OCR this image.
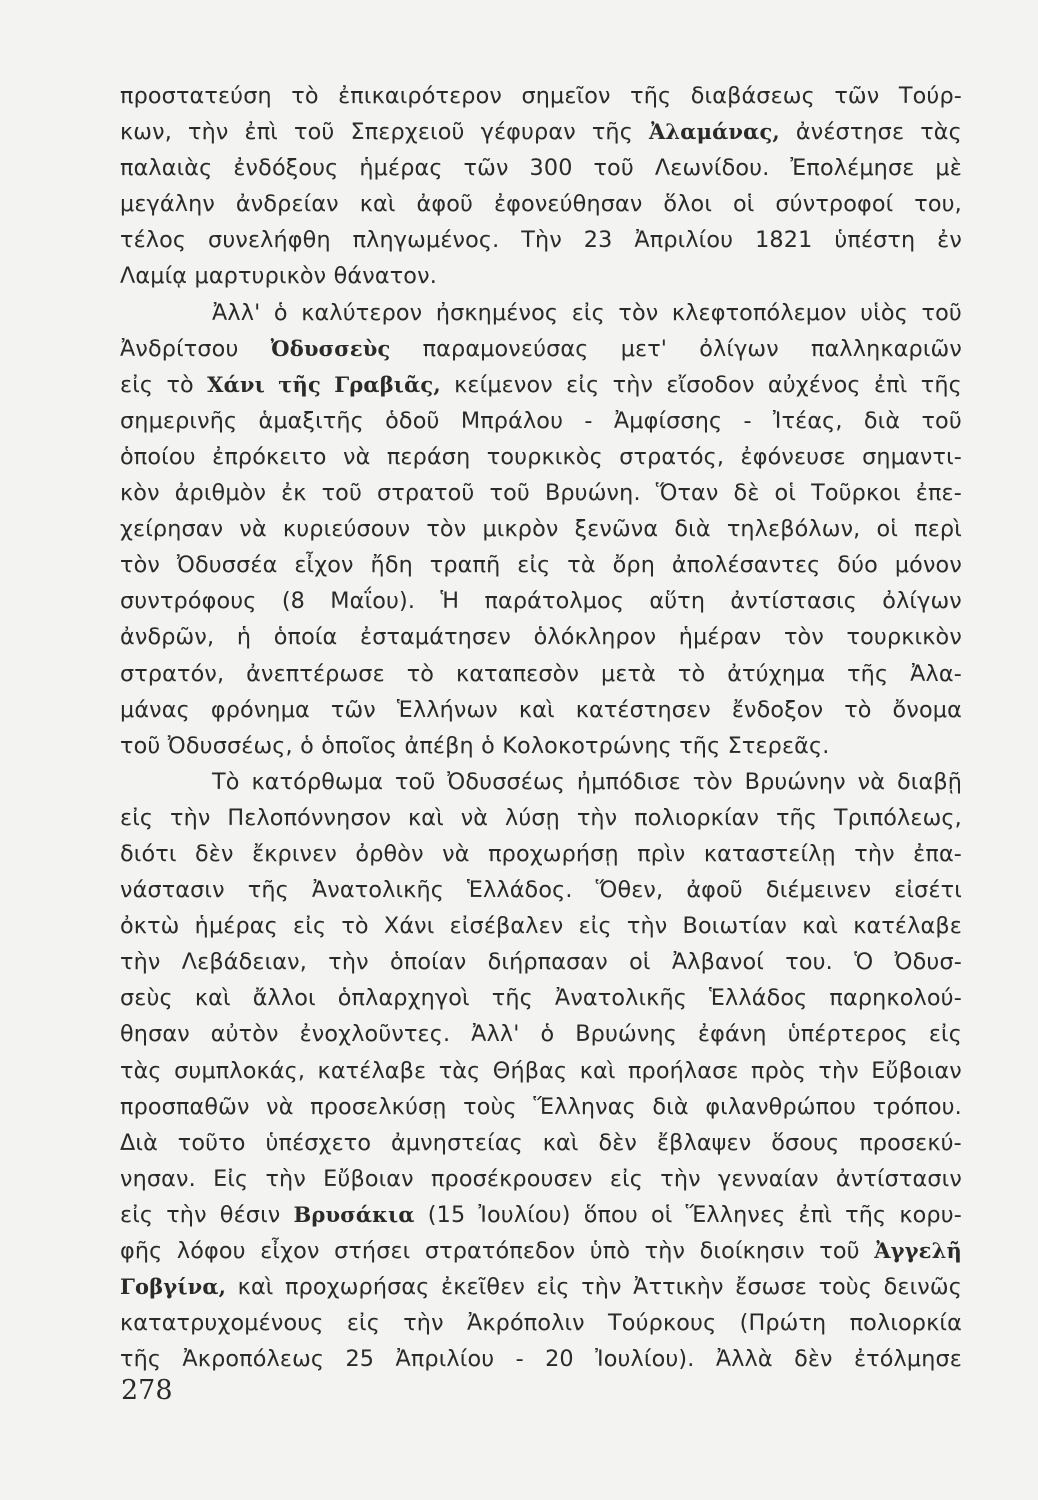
προστατεύση τὸ ἐπικαιρότερον σημεῖον τῆς διαβάσεως τῶν Τούρ-
κων, τὴν ἐπὶ τοῦ Σπερχειοῦ γέφυραν τῆς Ἀλαμάνας, ἀνέστησε τὰς
παλαιὰς ἐνδόξους ἡμέρας τῶν 300 τοῦ Λεωνίδου. Ἐπολέμησε μὲ
μεγάλην ἀνδρείαν καὶ ἀφοῦ ἐφονεύθησαν ὅλοι οἱ σύντροφοί του,
τέλος συνελήφθη πληγωμένος. Τὴν 23 Ἀπριλίου 1821 ὑπέστη ἐν
Λαμίᾳ μαρτυρικὸν θάνατον.
Ἀλλ' ὁ καλύτερον ἠσκημένος εἰς τὸν κλεφτοπόλεμον υἱὸς τοῦ
Ἀνδρίτσου Ὀδυσσεὺς παραμονεύσας μετ' ὀλίγων παλληκαριῶν
εἰς τὸ Χάνι τῆς Γραβιᾶς, κείμενον εἰς τὴν εἴσοδον αὐχένος ἐπὶ τῆς
σημερινῆς ἁμαξιτῆς ὁδοῦ Μπράλου - Ἀμφίσσης - Ἰτέας, διὰ τοῦ
ὁποίου ἐπρόκειτο νὰ περάση τουρκικὸς στρατός, ἐφόνευσε σημαντι-
κὸν ἀριθμὸν ἐκ τοῦ στρατοῦ τοῦ Βρυώνη. Ὅταν δὲ οἱ Τοῦρκοι ἐπε-
χείρησαν νὰ κυριεύσουν τὸν μικρὸν ξενῶνα διὰ τηλεβόλων, οἱ περὶ
τὸν Ὀδυσσέα εἶχον ἤδη τραπῆ εἰς τὰ ὄρη ἀπολέσαντες δύο μόνον
συντρόφους (8 Μαΐου). Ἡ παράτολμος αὕτη ἀντίστασις ὀλίγων
ἀνδρῶν, ἡ ὁποία ἐσταμάτησεν ὁλόκληρον ἡμέραν τὸν τουρκικὸν
στρατόν, ἀνεπτέρωσε τὸ καταπεσὸν μετὰ τὸ ἀτύχημα τῆς Ἀλα-
μάνας φρόνημα τῶν Ἑλλήνων καὶ κατέστησεν ἔνδοξον τὸ ὄνομα
τοῦ Ὀδυσσέως, ὁ ὁποῖος ἀπέβη ὁ Κολοκοτρώνης τῆς Στερεᾶς.
Τὸ κατόρθωμα τοῦ Ὀδυσσέως ἠμπόδισε τὸν Βρυώνην νὰ διαβῇ
εἰς τὴν Πελοπόννησον καὶ νὰ λύσῃ τὴν πολιορκίαν τῆς Τριπόλεως,
διότι δὲν ἔκρινεν ὀρθὸν νὰ προχωρήσῃ πρὶν καταστείλῃ τὴν ἐπα-
νάστασιν τῆς Ἀνατολικῆς Ἑλλάδος. Ὅθεν, ἀφοῦ διέμεινεν εἰσέτι
ὀκτὼ ἡμέρας εἰς τὸ Χάνι εἰσέβαλεν εἰς τὴν Βοιωτίαν καὶ κατέλαβε
τὴν Λεβάδειαν, τὴν ὁποίαν διήρπασαν οἱ Ἀλβανοί του. Ὁ Ὀδυσ-
σεὺς καὶ ἄλλοι ὁπλαρχηγοὶ τῆς Ἀνατολικῆς Ἑλλάδος παρηκολού-
θησαν αὐτὸν ἐνοχλοῦντες. Ἀλλ' ὁ Βρυώνης ἐφάνη ὑπέρτερος εἰς
τὰς συμπλοκάς, κατέλαβε τὰς Θήβας καὶ προήλασε πρὸς τὴν Εὔβοιαν
προσπαθῶν νὰ προσελκύσῃ τοὺς Ἕλληνας διὰ φιλανθρώπου τρόπου.
Διὰ τοῦτο ὑπέσχετο ἀμνηστείας καὶ δὲν ἔβλαψεν ὅσους προσεκύ-
νησαν. Εἰς τὴν Εὔβοιαν προσέκρουσεν εἰς τὴν γενναίαν ἀντίστασιν
εἰς τὴν θέσιν Βρυσάκια (15 Ἰουλίου) ὅπου οἱ Ἕλληνες ἐπὶ τῆς κορυ-
φῆς λόφου εἶχον στήσει στρατόπεδον ὑπὸ τὴν διοίκησιν τοῦ Ἀγγελῆ
Γοβγίνα, καὶ προχωρήσας ἐκεῖθεν εἰς τὴν Ἀττικὴν ἔσωσε τοὺς δεινῶς
κατατρυχομένους εἰς τὴν Ἀκρόπολιν Τούρκους (Πρώτη πολιορκία
τῆς Ἀκροπόλεως 25 Ἀπριλίου - 20 Ἰουλίου). Ἀλλὰ δὲν ἐτόλμησε
278
